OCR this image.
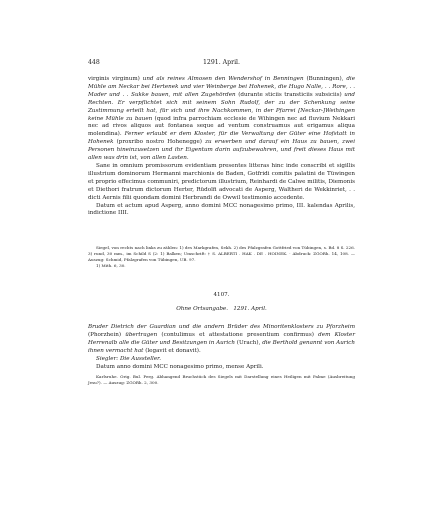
448	1291. April.

virginis virginum) und als reines Almosen den Wendershof in Benningen (Bunningen), die Mühle am Neckar bei Hertenek und vier Weinberge bei Hohenek, die Hugo Nalle, . . Rore, . . Mader und . . Sukke bauen, mit allen Zugehörden (durante sticiis transticiis subsiciis) und Rechten. Er verpflichtet sich mit seinem Sohn Rudolf, der zu der Schenkung seine Zustimmung erteilt hat, für sich und ihre Nachkommen, in der Pfarrei [Neckar-]Weihingen keine Mühle zu bauen (quod infra parrochiam ecclesie de Wihingen nec ad fluvium Nekkari nec ad rivos aliquos aut fontanea seque ad ventum construamus aut erigamus aliqua molendina). Ferner erlaubt er dem Kloster, für die Verwaltung der Güter eine Hofstatt in Hohenek (proxribo nostro Hohenegge) zu erwerben und darauf ein Haus zu bauen, zwei Personen hineinzusetzen und ihr Eigentum darin aufzubewahren, und freit dieses Haus mit allen was drin ist, von allen Lasten.

Sane in omnium promissorum evidentiam presentes litteras hinc inde conscribi et sigillis illustrium dominorum Hermanni marchionis de Baden, Gotfridi comitis palatini de Tüwingen et proprio effecimus communiri, predictorum illustrium, Reinhardi de Calwe militis, Diemonis et Diethori fratrum dictorum Herter, Rüdolfi advocati de Asperg, Waltheri de Wekkinriet, . . dicti Aernis filii quondam domini Herbrandi de Owwil testimonio accedente.

Datum et actum apud Asperg, anno domini MCC nonagesimo primo, III. kalendas Aprilis, indictione IIII.

Siegel, von rechts nach links zu zählen: 1) des Markgrafen, Sekh. 2) des Pfalzgrafen Gottfried von Tübingen, s. Bd. 8 S. 226. 3) rund, 30 mm., im Schild S (2: 1) Balken; Umschrift: † S. ALBERTI . HAK . DE . HOINEK. · Abdruck: ZGORh. 14, 108. — Auszug: Schmid, Pfalzgrafen von Tübingen, UB. 97.

1) Mith. 6, 30.

4107.
Ohne Ortsangabe. 1291. April.

Bruder Dietrich der Guardian und die andern Brüder des Minoritenklosters zu Pforzheim (Phorzhein) übertragen (contulimus et attestatione presentium confirmus) dem Kloster Herrenalb alle die Güter und Besitzungen in Aurich (Urach), die Berthold genannt von Aurich ihnen vermacht hat (legavit et donavit).

Siegler: Die Aussteller.

Datum anno domini MCC nonagesimo primo, mense Aprili.

Karlsruhe. Orig. Bul. Perg. Abhangend Bruchstück des Siegels mit Darstellung eines Heiligen mit Palme (Ausbreitung Jesu?). — Auszug: ZGORh. 2, 300.
